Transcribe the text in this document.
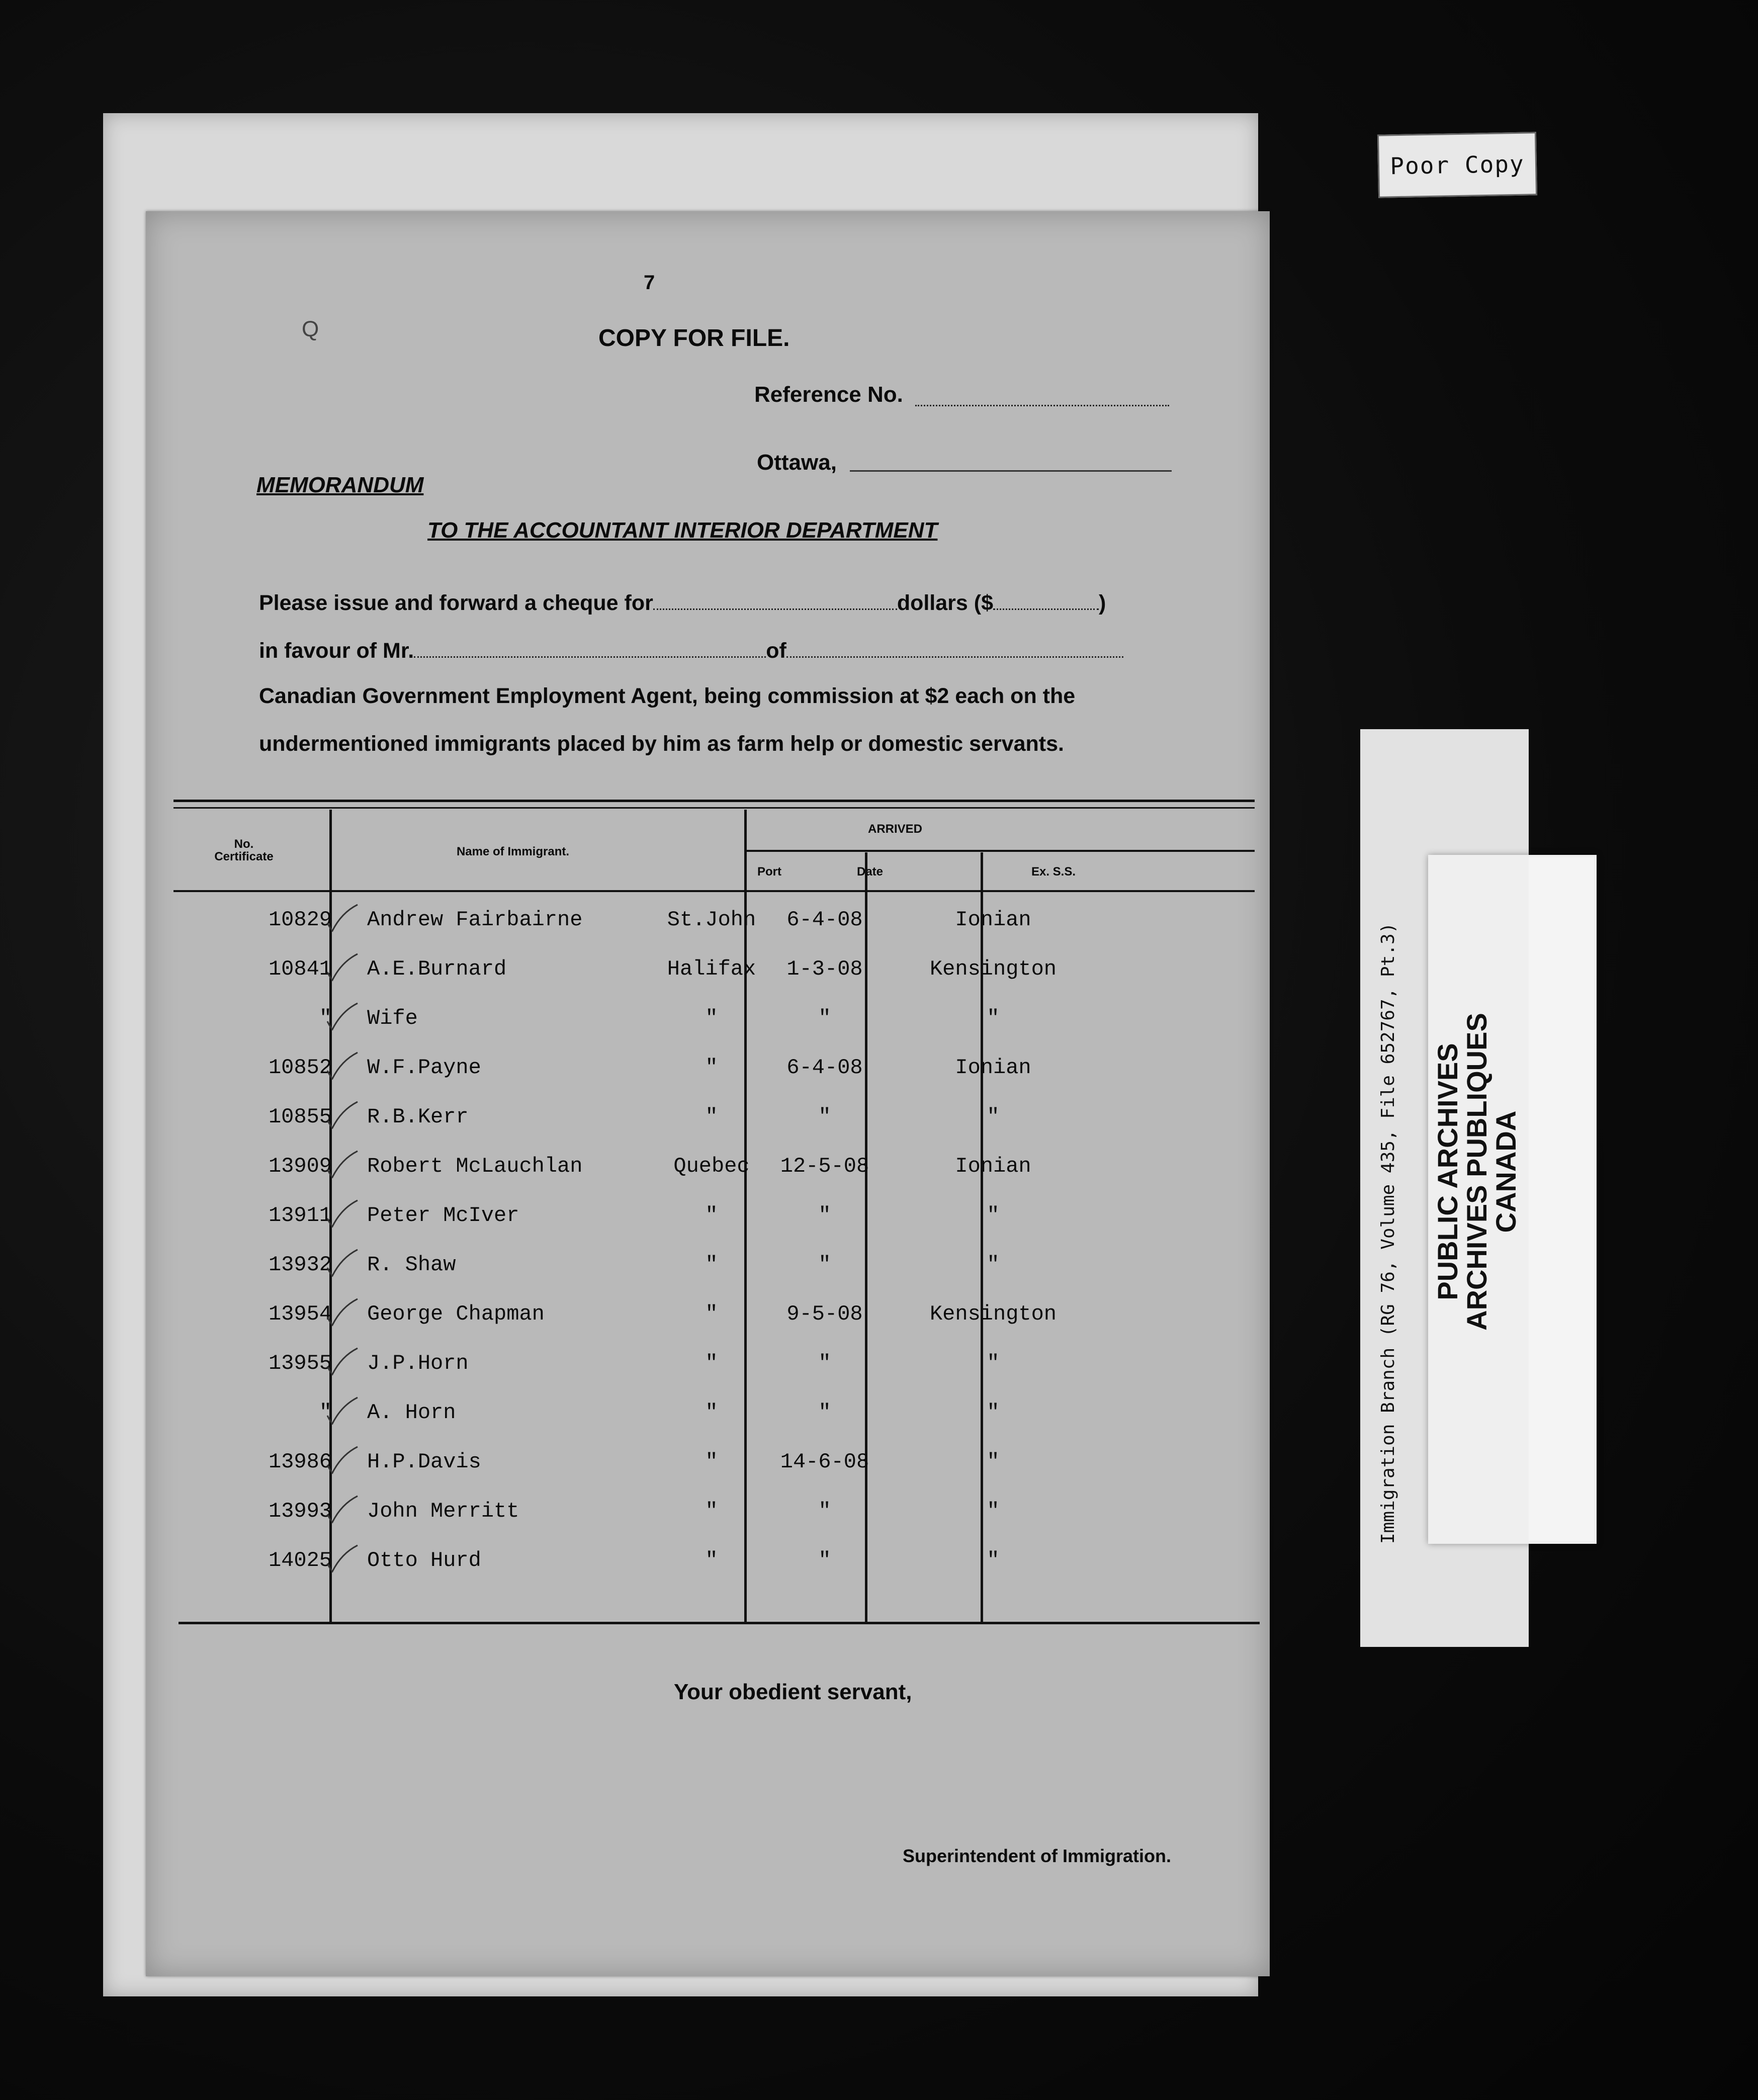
7
Q	COPY FOR FILE.
Reference No.
Ottawa,
MEMORANDUM
TO THE ACCOUNTANT INTERIOR DEPARTMENT
Please issue and forward a cheque for	dollars ($	)
in favour of Mr.	of
Canadian Government Employment Agent, being commission at $2 each on the
undermentioned immigrants placed by him as farm help or domestic servants.
No.
Certificate	Name of Immigrant.
ARRIVED
Port	Date	Ex. S.S.
10829 Andrew Fairbairne	St.John	6-4-08	Ionian
10841 A.E.Burnard	Halifax	1-3-08	Kensington
" Wife	"	"	"
10852 W.F.Payne	"	6-4-08	Ionian
10855 R.B.Kerr	"	"	"
13909 Robert McLauchlan	Quebec	12-5-08	Ionian
13911 Peter McIver	"	"	"
13932 R. Shaw	"	"	"
13954 George Chapman	"	9-5-08	Kensington
13955 J.P.Horn	"	"	"
" A. Horn	"	"	"
13986 H.P.Davis	"	14-6-08	"
13993 John Merritt	"	"	"
14025 Otto Hurd	"	"	"
Your obedient servant,
Superintendent of Immigration.
Poor Copy
Immigration Branch (RG 76, Volume 435, File 652767, Pt.3)	PUBLIC ARCHIVES
ARCHIVES PUBLIQUES
CANADA
